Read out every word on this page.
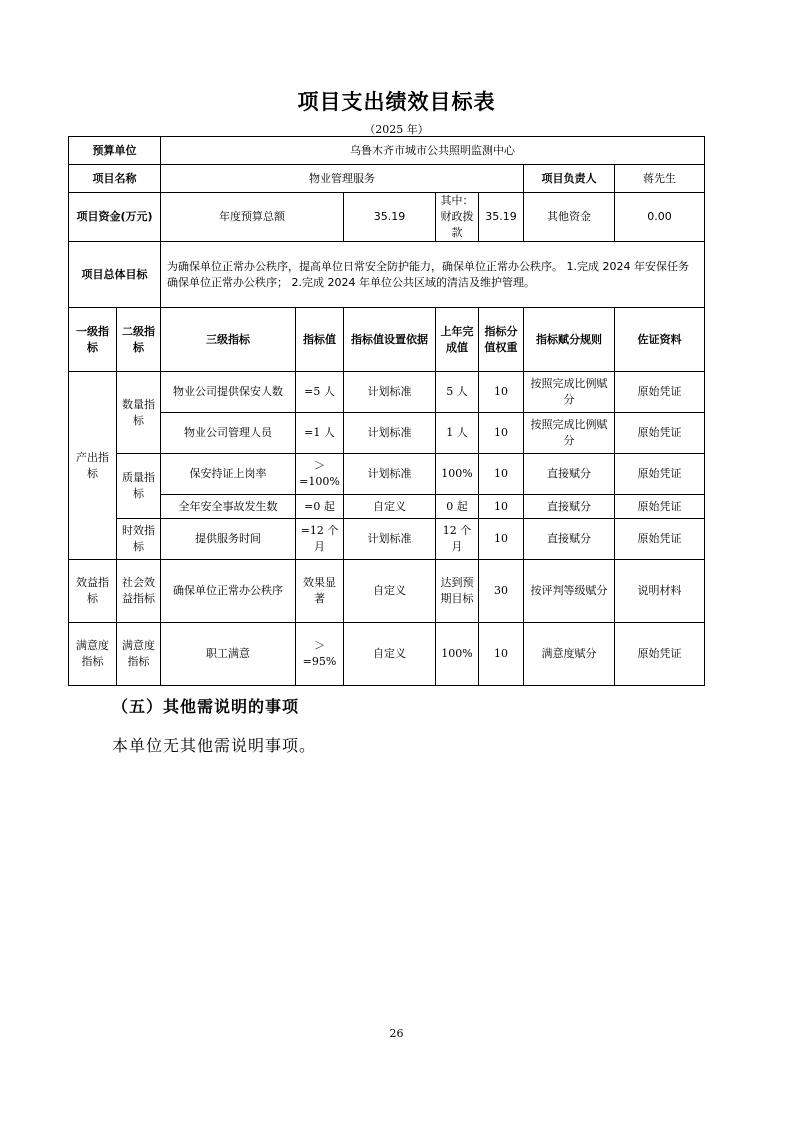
项目支出绩效目标表
（2025 年）
预算单位		乌鲁木齐市城市公共照明监测中心						
项目名称		物业管理服务					项目负责人	蒋先生
项目资金(万元)		年度预算总额		35.19	其中：财政拨款	35.19	其他资金	0.00
项目总体目标		为确保单位正常办公秩序，提高单位日常安全防护能力，确保单位正常办公秩序。 1.完成 2024 年安保任务确保单位正常办公秩序； 2.完成 2024 年单位公共区域的清洁及维护管理。						
一级指标	二级指标	三级指标	指标值	指标值设置依据	上年完成值	指标分值权重	指标赋分规则	佐证资料
产出指标	数量指标	物业公司提供保安人数	=5 人	计划标准	5 人	10	按照完成比例赋分	原始凭证
		物业公司管理人员	=1 人	计划标准	1 人	10	按照完成比例赋分	原始凭证
	质量指标	保安持证上岗率	＞=100%	计划标准	100%	10	直接赋分	原始凭证
		全年安全事故发生数	=0 起	自定义	0 起	10	直接赋分	原始凭证
	时效指标	提供服务时间	=12 个月	计划标准	12 个月	10	直接赋分	原始凭证
效益指标	社会效益指标	确保单位正常办公秩序	效果显著	自定义	达到预期目标	30	按评判等级赋分	说明材料
满意度指标	满意度指标	职工满意	＞=95%	自定义	100%	10	满意度赋分	原始凭证
（五）其他需说明的事项
本单位无其他需说明事项。
26
